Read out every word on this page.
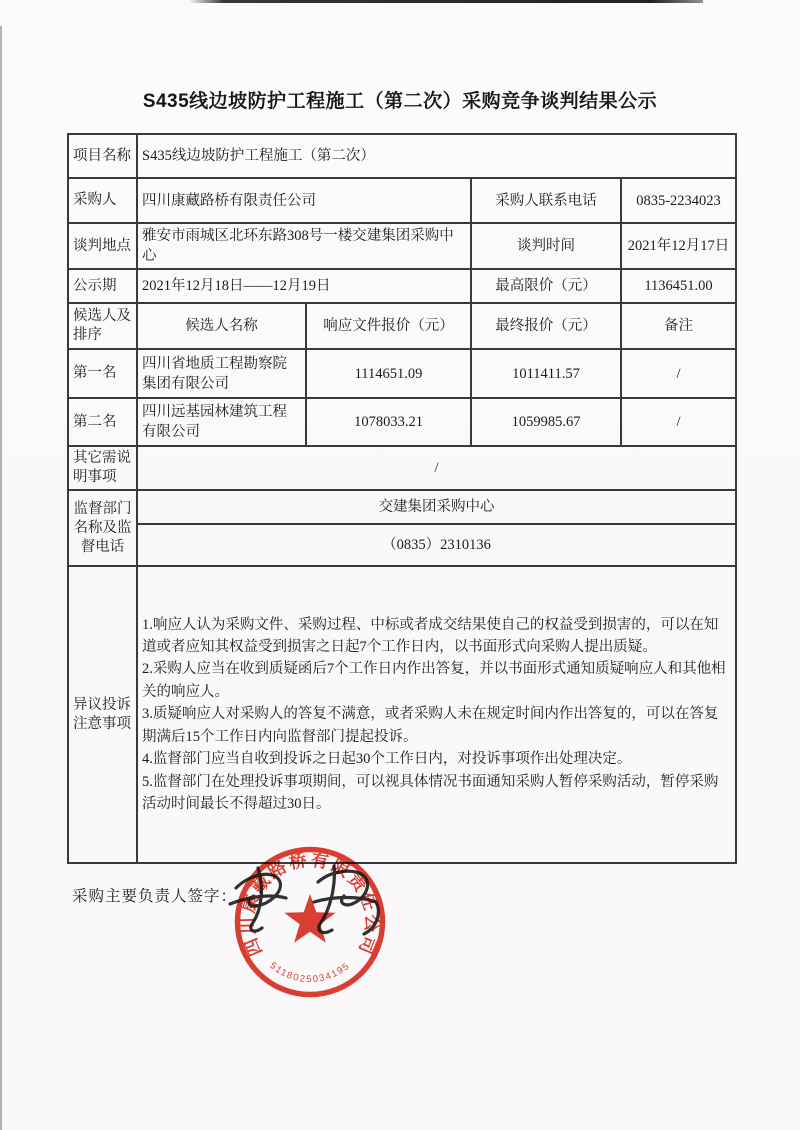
S435线边坡防护工程施工（第二次）采购竞争谈判结果公示
项目名称	S435线边坡防护工程施工（第二次）			
采购人	四川康藏路桥有限责任公司		采购人联系电话	0835-2234023
谈判地点	雅安市雨城区北环东路308号一楼交建集团采购中心		谈判时间	2021年12月17日
公示期	2021年12月18日——12月19日		最高限价（元）	1136451.00
候选人及排序	候选人名称	响应文件报价（元）	最终报价（元）	备注
第一名	四川省地质工程勘察院集团有限公司	1114651.09	1011411.57	/
第二名	四川远基园林建筑工程有限公司	1078033.21	1059985.67	/
其它需说明事项	/			
监督部门名称及监督电话	交建集团采购中心			
	（0835）2310136			
异议投诉注意事项	1.响应人认为采购文件、采购过程、中标或者成交结果使自己的权益受到损害的，可以在知道或者应知其权益受到损害之日起7个工作日内，以书面形式向采购人提出质疑。
2.采购人应当在收到质疑函后7个工作日内作出答复，并以书面形式通知质疑响应人和其他相关的响应人。
3.质疑响应人对采购人的答复不满意，或者采购人未在规定时间内作出答复的，可以在答复期满后15个工作日内向监督部门提起投诉。
4.监督部门应当自收到投诉之日起30个工作日内，对投诉事项作出处理决定。
5.监督部门在处理投诉事项期间，可以视具体情况书面通知采购人暂停采购活动，暂停采购活动时间最长不得超过30日。			
采购主要负责人签字：
四川康藏路桥有限责任公司
5118025034195
